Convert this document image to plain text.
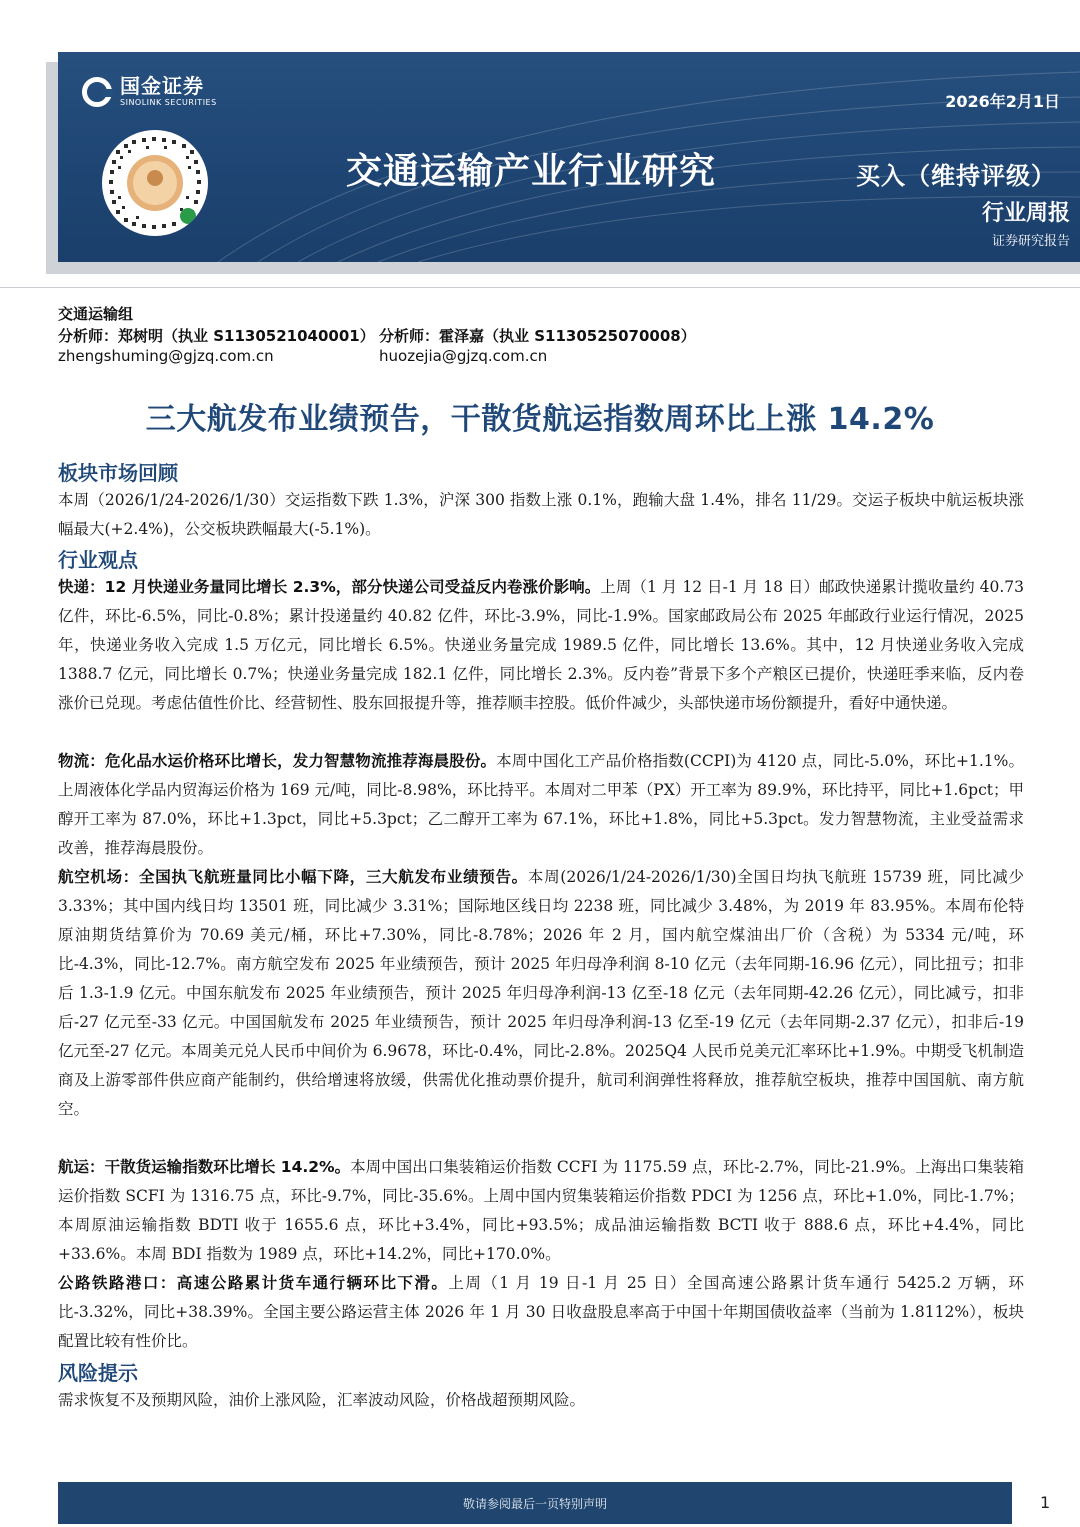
国金证券
SINOLINK SECURITIES	2026年2月1日
交通运输产业行业研究	买入（维持评级）
行业周报
证券研究报告
交通运输组
分析师：郑树明（执业 S1130521040001） 分析师：霍泽嘉（执业 S1130525070008）
zhengshuming@gjzq.com.cn	huozejia@gjzq.com.cn
三大航发布业绩预告，干散货航运指数周环比上涨 14.2%
板块市场回顾
本周（2026/1/24-2026/1/30）交运指数下跌 1.3%，沪深 300 指数上涨 0.1%，跑输大盘 1.4%，排名 11/29。交运子板块中航运板块涨幅最大(+2.4%)，公交板块跌幅最大(-5.1%)。
行业观点
快递：12 月快递业务量同比增长 2.3%，部分快递公司受益反内卷涨价影响。上周（1 月 12 日-1 月 18 日）邮政快递累计揽收量约 40.73 亿件，环比-6.5%，同比-0.8%；累计投递量约 40.82 亿件，环比-3.9%，同比-1.9%。国家邮政局公布 2025 年邮政行业运行情况，2025 年，快递业务收入完成 1.5 万亿元，同比增长 6.5%。快递业务量完成 1989.5 亿件，同比增长 13.6%。其中，12 月快递业务收入完成 1388.7 亿元，同比增长 0.7%；快递业务量完成 182.1 亿件，同比增长 2.3%。反内卷”背景下多个产粮区已提价，快递旺季来临，反内卷涨价已兑现。考虑估值性价比、经营韧性、股东回报提升等，推荐顺丰控股。低价件减少，头部快递市场份额提升，看好中通快递。
物流：危化品水运价格环比增长，发力智慧物流推荐海晨股份。本周中国化工产品价格指数(CCPI)为 4120 点，同比-5.0%，环比+1.1%。上周液体化学品内贸海运价格为 169 元/吨，同比-8.98%，环比持平。本周对二甲苯（PX）开工率为 89.9%，环比持平，同比+1.6pct；甲醇开工率为 87.0%，环比+1.3pct，同比+5.3pct；乙二醇开工率为 67.1%，环比+1.8%，同比+5.3pct。发力智慧物流，主业受益需求改善，推荐海晨股份。
航空机场：全国执飞航班量同比小幅下降，三大航发布业绩预告。本周(2026/1/24-2026/1/30)全国日均执飞航班 15739 班，同比减少 3.33%；其中国内线日均 13501 班，同比减少 3.31%；国际地区线日均 2238 班，同比减少 3.48%，为 2019 年 83.95%。本周布伦特原油期货结算价为 70.69 美元/桶，环比+7.30%，同比-8.78%；2026 年 2 月，国内航空煤油出厂价（含税）为 5334 元/吨，环比-4.3%，同比-12.7%。南方航空发布 2025 年业绩预告，预计 2025 年归母净利润 8-10 亿元（去年同期-16.96 亿元），同比扭亏；扣非后 1.3-1.9 亿元。中国东航发布 2025 年业绩预告，预计 2025 年归母净利润-13 亿至-18 亿元（去年同期-42.26 亿元），同比减亏，扣非后-27 亿元至-33 亿元。中国国航发布 2025 年业绩预告，预计 2025 年归母净利润-13 亿至-19 亿元（去年同期-2.37 亿元），扣非后-19 亿元至-27 亿元。本周美元兑人民币中间价为 6.9678，环比-0.4%，同比-2.8%。2025Q4 人民币兑美元汇率环比+1.9%。中期受飞机制造商及上游零部件供应商产能制约，供给增速将放缓，供需优化推动票价提升，航司利润弹性将释放，推荐航空板块，推荐中国国航、南方航空。
航运：干散货运输指数环比增长 14.2%。本周中国出口集装箱运价指数 CCFI 为 1175.59 点，环比-2.7%，同比-21.9%。上海出口集装箱运价指数 SCFI 为 1316.75 点，环比-9.7%，同比-35.6%。上周中国内贸集装箱运价指数 PDCI 为 1256 点，环比+1.0%，同比-1.7%；本周原油运输指数 BDTI 收于 1655.6 点，环比+3.4%，同比+93.5%；成品油运输指数 BCTI 收于 888.6 点，环比+4.4%，同比+33.6%。本周 BDI 指数为 1989 点，环比+14.2%，同比+170.0%。
公路铁路港口：高速公路累计货车通行辆环比下滑。上周（1 月 19 日-1 月 25 日）全国高速公路累计货车通行 5425.2 万辆，环比-3.32%，同比+38.39%。全国主要公路运营主体 2026 年 1 月 30 日收盘股息率高于中国十年期国债收益率（当前为 1.8112%），板块配置比较有性价比。
风险提示
需求恢复不及预期风险，油价上涨风险，汇率波动风险，价格战超预期风险。
敬请参阅最后一页特别声明	1
